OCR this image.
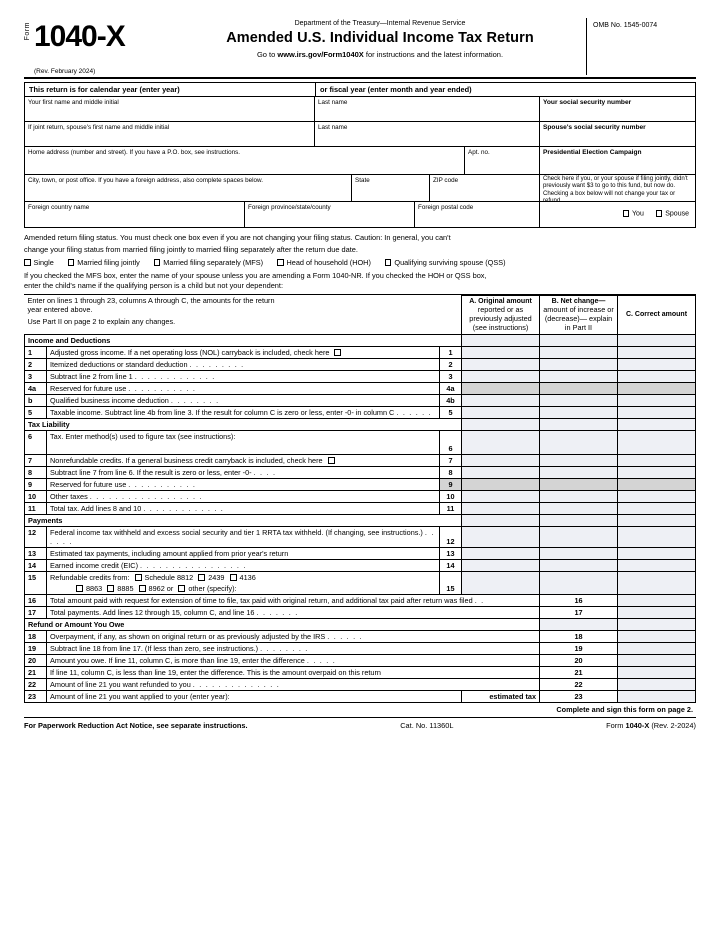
Form 1040-X
(Rev. February 2024)
Department of the Treasury—Internal Revenue Service
Amended U.S. Individual Income Tax Return
Go to www.irs.gov/Form1040X for instructions and the latest information.
OMB No. 1545-0074
This return is for calendar year (enter year)	or fiscal year (enter month and year ended)
Your first name and middle initial	Last name	Your social security number
If joint return, spouse's first name and middle initial	Last name	Spouse's social security number
Home address (number and street). If you have a P.O. box, see instructions.	Apt. no.	Presidential Election Campaign
City, town, or post office. If you have a foreign address, also complete spaces below.	State	ZIP code	Check here if you, or your spouse if filing jointly, didn't previously want $3 to go to this fund, but now do. Checking a box below will not change your tax or refund.
Foreign country name	Foreign province/state/county	Foreign postal code
You	Spouse
Amended return filing status. You must check one box even if you are not changing your filing status. Caution: In general, you can't
change your filing status from married filing jointly to married filing separately after the return due date.
Single	Married filing jointly	Married filing separately (MFS)	Head of household (HOH)	Qualifying surviving spouse (QSS)
If you checked the MFS box, enter the name of your spouse unless you are amending a Form 1040-NR. If you checked the HOH or QSS box,
enter the child's name if the qualifying person is a child but not your dependent:
Enter on lines 1 through 23, columns A through C, the amounts for the return
year entered above.
Use Part II on page 2 to explain any changes.
	A. Original amount
reported or as previously adjusted (see instructions)
	B. Net change—
amount of increase or (decrease)— explain in Part II
	C. Correct amount
Income and Deductions					
1	Adjusted gross income. If a net operating loss (NOL) carryback is included, check here	1			
2	Itemized deductions or standard deduction . . . . . . . . .	2			
3	Subtract line 2 from line 1 . . . . . . . . . . . . .	3			
4a	Reserved for future use . . . . . . . . . . .	4a			
b	Qualified business income deduction . . . . . . . .	4b			
5	Taxable income. Subtract line 4b from line 3. If the result for column C is zero or less, enter -0- in column C . . . . . .	5			
Tax Liability					
6	Tax. Enter method(s) used to figure tax (see instructions):	6			
7	Nonrefundable credits. If a general business credit carryback is included, check here	7			
8	Subtract line 7 from line 6. If the result is zero or less, enter -0- . . . .	8			
9	Reserved for future use . . . . . . . . . . .	9			
10	Other taxes . . . . . . . . . . . . . . . . . .	10			
11	Total tax. Add lines 8 and 10 . . . . . . . . . . . . .	11			
Payments					
12	Federal income tax withheld and excess social security and tier 1 RRTA tax withheld. (If changing, see instructions.) . . . . . .	12			
13	Estimated tax payments, including amount applied from prior year's return	13			
14	Earned income credit (EIC) . . . . . . . . . . . . . . . . .	14			
15	Refundable credits from: Schedule 8812 2439 4136
8863 8885 8962 or other (specify):	15			
16	Total amount paid with request for extension of time to file, tax paid with original return, and additional tax paid after return was filed . .			16	
17	Total payments. Add lines 12 through 15, column C, and line 16 . . . . . . .			17	
Refund or Amount You Owe					
18	Overpayment, if any, as shown on original return or as previously adjusted by the IRS . . . . . .			18	
19	Subtract line 18 from line 17. (If less than zero, see instructions.) . . . . . . . .			19	
20	Amount you owe. If line 11, column C, is more than line 19, enter the difference . . . . .			20	
21	If line 11, column C, is less than line 19, enter the difference. This is the amount overpaid on this return			21	
22	Amount of line 21 you want refunded to you . . . . . . . . . . . . . .			22	
23	Amount of line 21 you want applied to your (enter year):		estimated tax	23	
Complete and sign this form on page 2.
For Paperwork Reduction Act Notice, see separate instructions.	Cat. No. 11360L	Form 1040-X (Rev. 2-2024)
